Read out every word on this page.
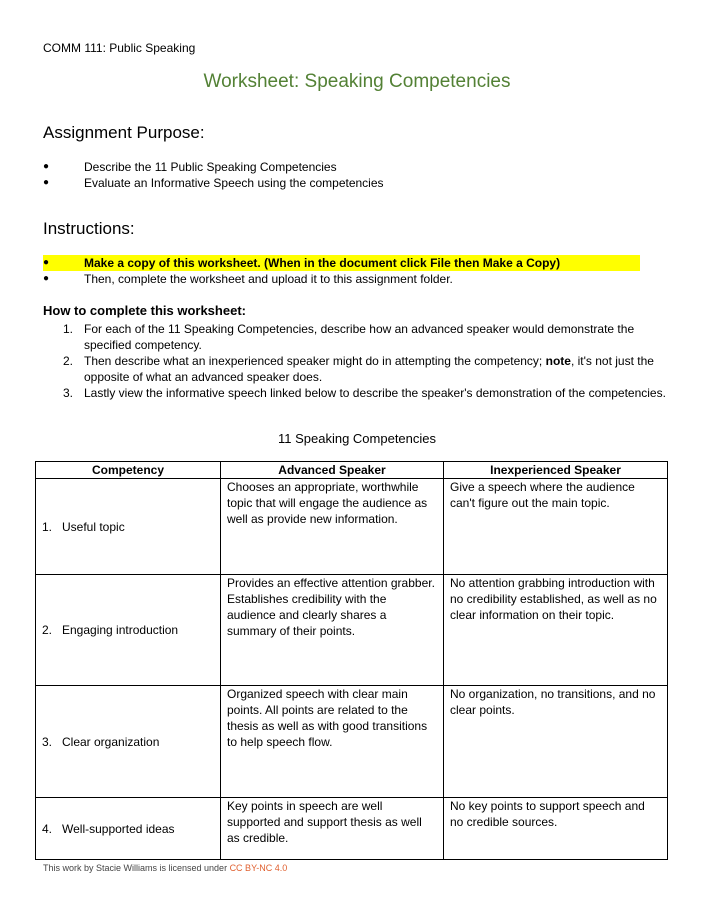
COMM 111: Public Speaking
Worksheet: Speaking Competencies
Assignment Purpose:
●	Describe the 11 Public Speaking Competencies
●	Evaluate an Informative Speech using the competencies
Instructions:
●	Make a copy of this worksheet. (When in the document click File then Make a Copy)
●	Then, complete the worksheet and upload it to this assignment folder.
How to complete this worksheet:
1. For each of the 11 Speaking Competencies, describe how an advanced speaker would demonstrate the specified competency.
2. Then describe what an inexperienced speaker might do in attempting the competency; note, it's not just the opposite of what an advanced speaker does.
3. Lastly view the informative speech linked below to describe the speaker's demonstration of the competencies.
11 Speaking Competencies
Competency	Advanced Speaker	Inexperienced Speaker
1. Useful topic	Chooses an appropriate, worthwhile topic that will engage the audience as well as provide new information.	Give a speech where the audience can't figure out the main topic.
2. Engaging introduction	Provides an effective attention grabber. Establishes credibility with the audience and clearly shares a summary of their points.	No attention grabbing introduction with no credibility established, as well as no clear information on their topic.
3. Clear organization	Organized speech with clear main points. All points are related to the thesis as well as with good transitions to help speech flow.	No organization, no transitions, and no clear points.
4. Well-supported ideas	Key points in speech are well supported and support thesis as well as credible.	No key points to support speech and no credible sources.
This work by Stacie Williams is licensed under CC BY-NC 4.0
